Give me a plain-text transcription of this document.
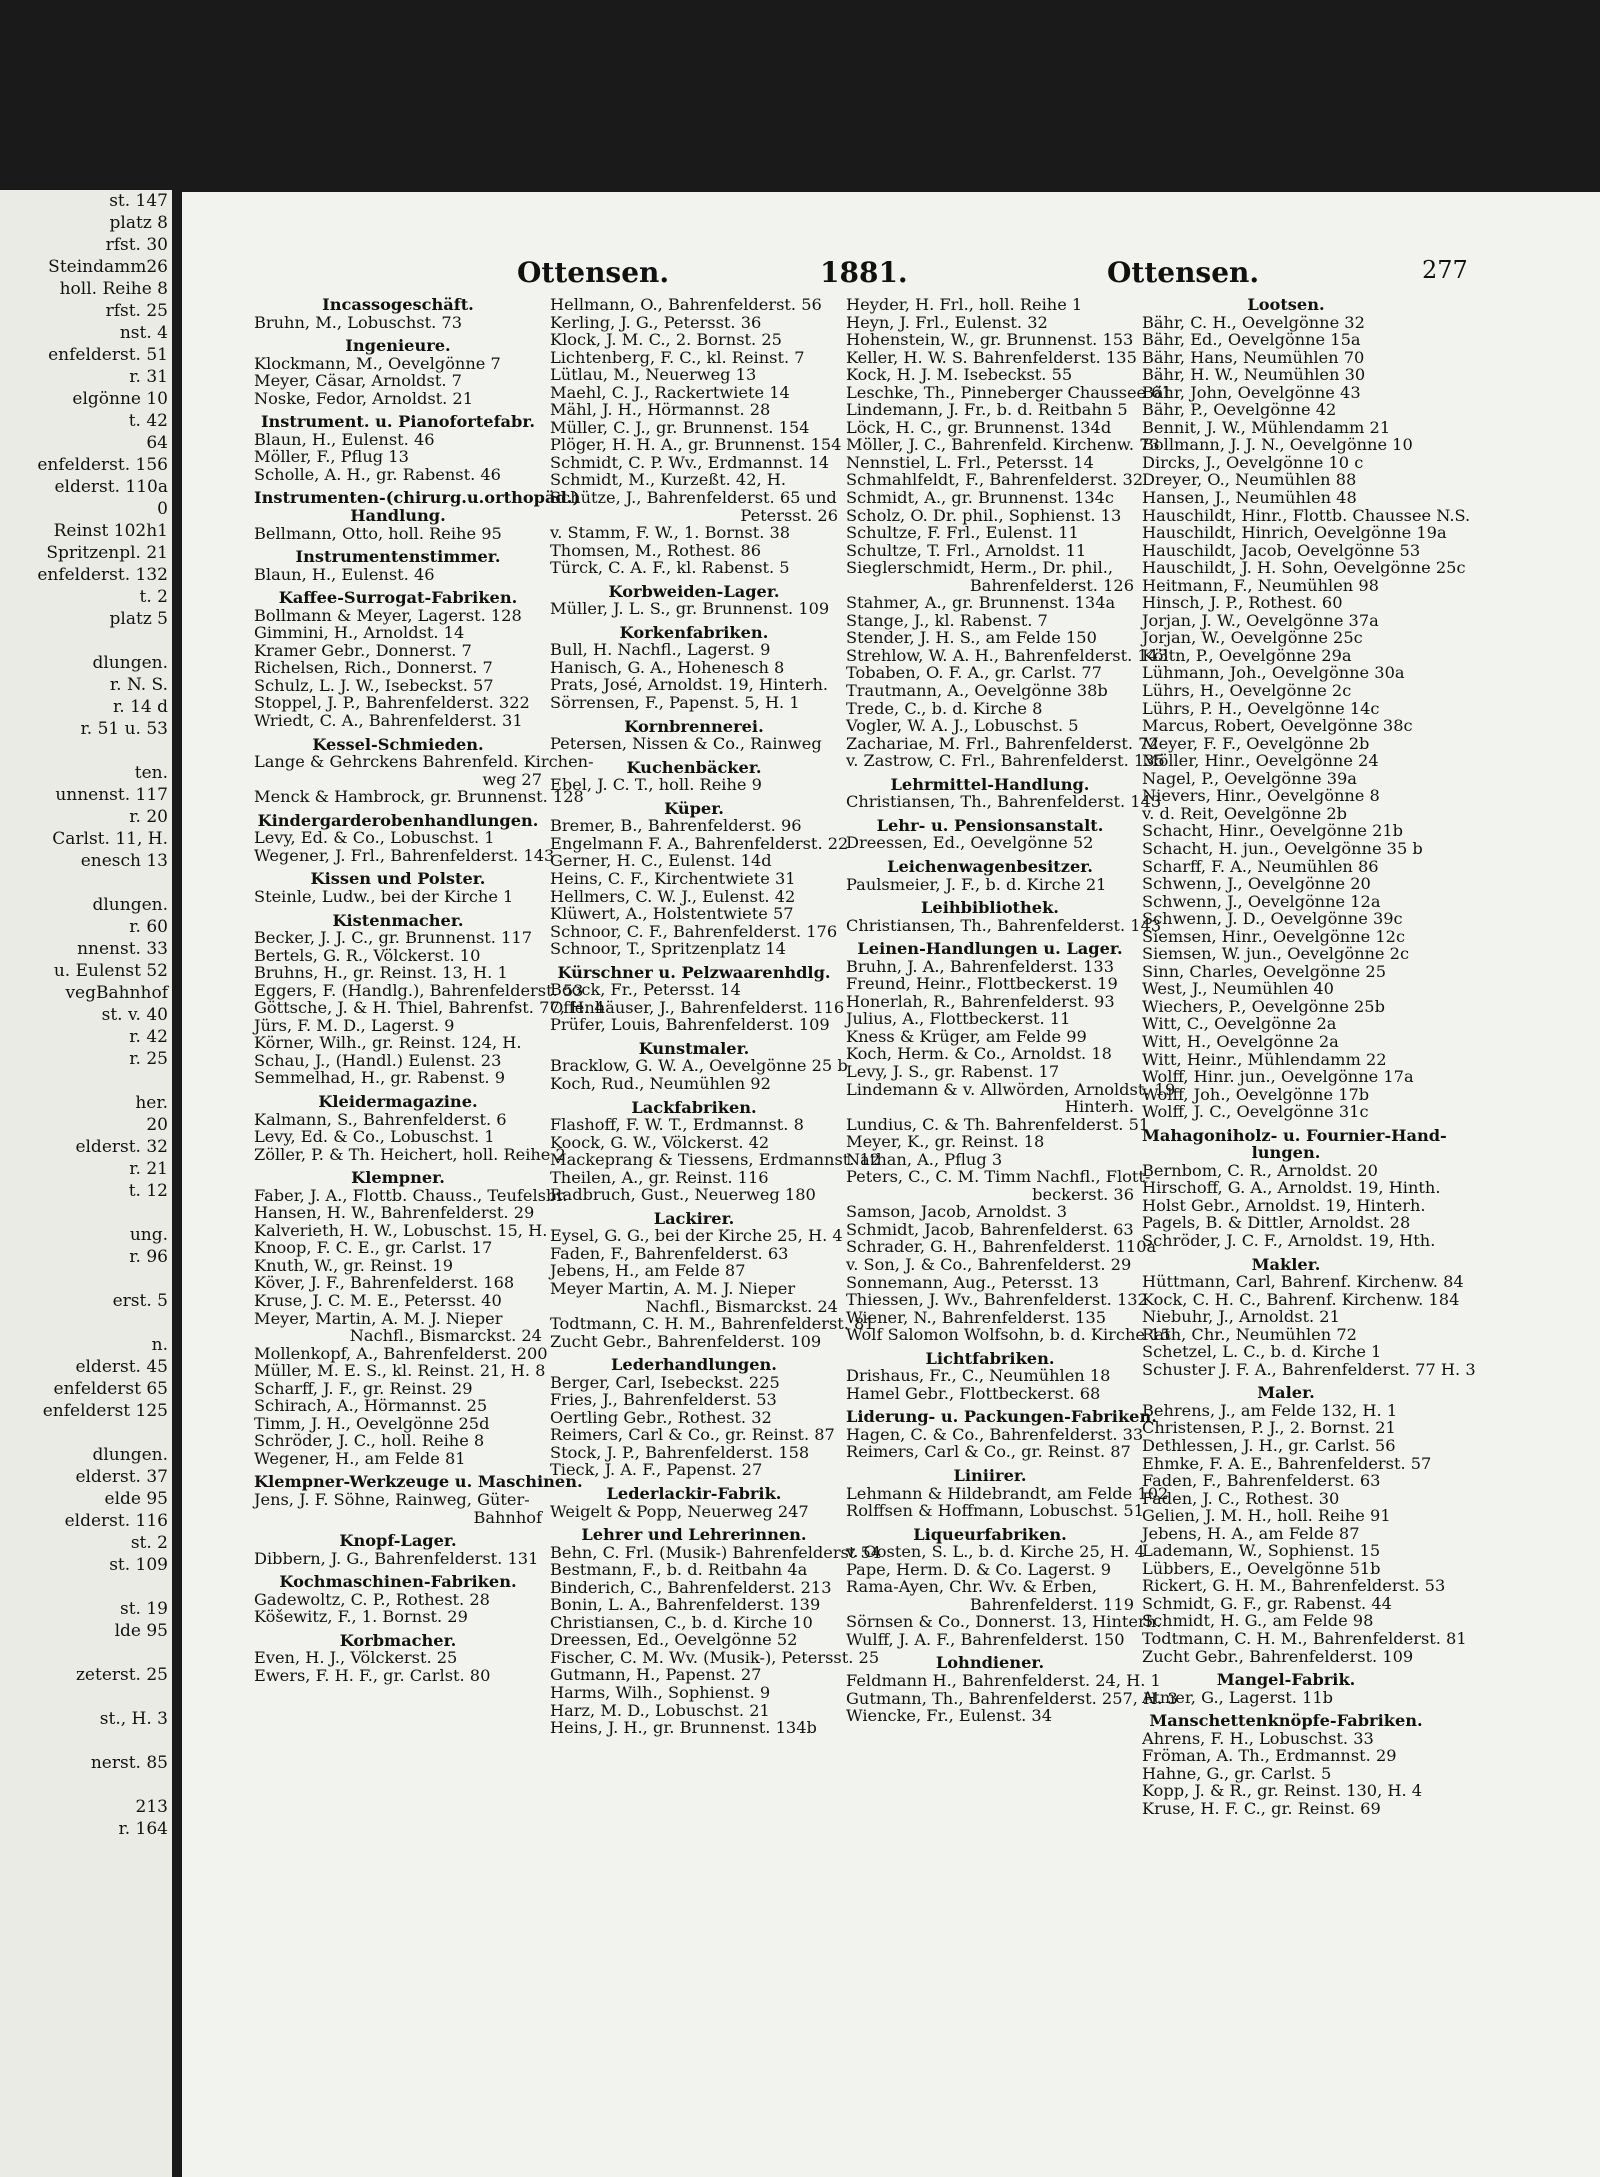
st. 147
platz 8
rfst. 30
Steindamm26
holl. Reihe 8
rfst. 25
nst. 4
enfelderst. 51
r. 31
elgönne 10
t. 42
64
enfelderst. 156
elderst. 110a
0
Reinst 102h1
Spritzenpl. 21
enfelderst. 132
t. 2
platz 5

dlungen.
r. N. S.
r. 14 d
r. 51 u. 53

ten.
unnenst. 117
r. 20
Carlst. 11, H.
enesch 13

dlungen.
r. 60
nnenst. 33
u. Eulenst 52
vegBahnhof
st. v. 40
r. 42
r. 25

her.
20
elderst. 32
r. 21
t. 12

ung.
r. 96

erst. 5

n.
elderst. 45
enfelderst 65
enfelderst 125

dlungen.
elderst. 37
elde 95
elderst. 116
st. 2
st. 109

st. 19
lde 95

zeterst. 25

st., H. 3

nerst. 85

213
r. 164
Ottensen.	1881.	Ottensen.	277
Incassogeschäft.
Bruhn, M., Lobuschst. 73
Ingenieure.
Klockmann, M., Oevelgönne 7
Meyer, Cäsar, Arnoldst. 7
Noske, Fedor, Arnoldst. 21
Instrument. u. Pianofortefabr.
Blaun, H., Eulenst. 46
Möller, F., Pflug 13
Scholle, A. H., gr. Rabenst. 46
Instrumenten-(chirurg.u.orthopäd.)
Handlung.
Bellmann, Otto, holl. Reihe 95
Instrumentenstimmer.
Blaun, H., Eulenst. 46
Kaffee-Surrogat-Fabriken.
Bollmann & Meyer, Lagerst. 128
Gimmini, H., Arnoldst. 14
Kramer Gebr., Donnerst. 7
Richelsen, Rich., Donnerst. 7
Schulz, L. J. W., Isebeckst. 57
Stoppel, J. P., Bahrenfelderst. 322
Wriedt, C. A., Bahrenfelderst. 31
Kessel-Schmieden.
Lange & Gehrckens Bahrenfeld. Kirchen-
weg 27
Menck & Hambrock, gr. Brunnenst. 128
Kindergarderobenhandlungen.
Levy, Ed. & Co., Lobuschst. 1
Wegener, J. Frl., Bahrenfelderst. 143
Kissen und Polster.
Steinle, Ludw., bei der Kirche 1
Kistenmacher.
Becker, J. J. C., gr. Brunnenst. 117
Bertels, G. R., Völckerst. 10
Bruhns, H., gr. Reinst. 13, H. 1
Eggers, F. (Handlg.), Bahrenfelderst. 53
Göttsche, J. & H. Thiel, Bahrenfst. 77, H. 4
Jürs, F. M. D., Lagerst. 9
Körner, Wilh., gr. Reinst. 124, H.
Schau, J., (Handl.) Eulenst. 23
Semmelhad, H., gr. Rabenst. 9
Kleidermagazine.
Kalmann, S., Bahrenfelderst. 6
Levy, Ed. & Co., Lobuschst. 1
Zöller, P. & Th. Heichert, holl. Reihe 2
Klempner.
Faber, J. A., Flottb. Chauss., Teufelsbr.
Hansen, H. W., Bahrenfelderst. 29
Kalverieth, H. W., Lobuschst. 15, H.
Knoop, F. C. E., gr. Carlst. 17
Knuth, W., gr. Reinst. 19
Köver, J. F., Bahrenfelderst. 168
Kruse, J. C. M. E., Petersst. 40
Meyer, Martin, A. M. J. Nieper
Nachfl., Bismarckst. 24
Mollenkopf, A., Bahrenfelderst. 200
Müller, M. E. S., kl. Reinst. 21, H. 8
Scharff, J. F., gr. Reinst. 29
Schirach, A., Hörmannst. 25
Timm, J. H., Oevelgönne 25d
Schröder, J. C., holl. Reihe 8
Wegener, H., am Felde 81
Klempner-Werkzeuge u. Maschinen.
Jens, J. F. Söhne, Rainweg, Güter-
Bahnhof
Knopf-Lager.
Dibbern, J. G., Bahrenfelderst. 131
Kochmaschinen-Fabriken.
Gadewoltz, C. P., Rothest. 28
Köšewitz, F., 1. Bornst. 29
Korbmacher.
Even, H. J., Völckerst. 25
Ewers, F. H. F., gr. Carlst. 80
Hellmann, O., Bahrenfelderst. 56
Kerling, J. G., Petersst. 36
Klock, J. M. C., 2. Bornst. 25
Lichtenberg, F. C., kl. Reinst. 7
Lütlau, M., Neuerweg 13
Maehl, C. J., Rackertwiete 14
Mähl, J. H., Hörmannst. 28
Müller, C. J., gr. Brunnenst. 154
Plöger, H. H. A., gr. Brunnenst. 154
Schmidt, C. P. Wv., Erdmannst. 14
Schmidt, M., Kurzeßt. 42, H.
Schütze, J., Bahrenfelderst. 65 und
Petersst. 26
v. Stamm, F. W., 1. Bornst. 38
Thomsen, M., Rothest. 86
Türck, C. A. F., kl. Rabenst. 5
Korbweiden-Lager.
Müller, J. L. S., gr. Brunnenst. 109
Korkenfabriken.
Bull, H. Nachfl., Lagerst. 9
Hanisch, G. A., Hohenesch 8
Prats, José, Arnoldst. 19, Hinterh.
Sörrensen, F., Papenst. 5, H. 1
Kornbrennerei.
Petersen, Nissen & Co., Rainweg
Kuchenbäcker.
Ebel, J. C. T., holl. Reihe 9
Küper.
Bremer, B., Bahrenfelderst. 96
Engelmann F. A., Bahrenfelderst. 22
Gerner, H. C., Eulenst. 14d
Heins, C. F., Kirchentwiete 31
Hellmers, C. W. J., Eulenst. 42
Klüwert, A., Holstentwiete 57
Schnoor, C. F., Bahrenfelderst. 176
Schnoor, T., Spritzenplatz 14
Kürschner u. Pelzwaarenhdlg.
Boock, Fr., Petersst. 14
Offenhäuser, J., Bahrenfelderst. 116
Prüfer, Louis, Bahrenfelderst. 109
Kunstmaler.
Bracklow, G. W. A., Oevelgönne 25 b
Koch, Rud., Neumühlen 92
Lackfabriken.
Flashoff, F. W. T., Erdmannst. 8
Koock, G. W., Völckerst. 42
Mackeprang & Tiessens, Erdmannst. 12
Theilen, A., gr. Reinst. 116
Radbruch, Gust., Neuerweg 180
Lackirer.
Eysel, G. G., bei der Kirche 25, H. 4
Faden, F., Bahrenfelderst. 63
Jebens, H., am Felde 87
Meyer Martin, A. M. J. Nieper
Nachfl., Bismarckst. 24
Todtmann, C. H. M., Bahrenfelderst. 81
Zucht Gebr., Bahrenfelderst. 109
Lederhandlungen.
Berger, Carl, Isebeckst. 225
Fries, J., Bahrenfelderst. 53
Oertling Gebr., Rothest. 32
Reimers, Carl & Co., gr. Reinst. 87
Stock, J. P., Bahrenfelderst. 158
Tieck, J. A. F., Papenst. 27
Lederlackir-Fabrik.
Weigelt & Popp, Neuerweg 247
Lehrer und Lehrerinnen.
Behn, C. Frl. (Musik-) Bahrenfelderst 54
Bestmann, F., b. d. Reitbahn 4a
Binderich, C., Bahrenfelderst. 213
Bonin, L. A., Bahrenfelderst. 139
Christiansen, C., b. d. Kirche 10
Dreessen, Ed., Oevelgönne 52
Fischer, C. M. Wv. (Musik-), Petersst. 25
Gutmann, H., Papenst. 27
Harms, Wilh., Sophienst. 9
Harz, M. D., Lobuschst. 21
Heins, J. H., gr. Brunnenst. 134b
Heyder, H. Frl., holl. Reihe 1
Heyn, J. Frl., Eulenst. 32
Hohenstein, W., gr. Brunnenst. 153
Keller, H. W. S. Bahrenfelderst. 135
Kock, H. J. M. Isebeckst. 55
Leschke, Th., Pinneberger Chaussee 61
Lindemann, J. Fr., b. d. Reitbahn 5
Löck, H. C., gr. Brunnenst. 134d
Möller, J. C., Bahrenfeld. Kirchenw. 73
Nennstiel, L. Frl., Petersst. 14
Schmahlfeldt, F., Bahrenfelderst. 32
Schmidt, A., gr. Brunnenst. 134c
Scholz, O. Dr. phil., Sophienst. 13
Schultze, F. Frl., Eulenst. 11
Schultze, T. Frl., Arnoldst. 11
Sieglerschmidt, Herm., Dr. phil.,
Bahrenfelderst. 126
Stahmer, A., gr. Brunnenst. 134a
Stange, J., kl. Rabenst. 7
Stender, J. H. S., am Felde 150
Strehlow, W. A. H., Bahrenfelderst. 143
Tobaben, O. F. A., gr. Carlst. 77
Trautmann, A., Oevelgönne 38b
Trede, C., b. d. Kirche 8
Vogler, W. A. J., Lobuschst. 5
Zachariae, M. Frl., Bahrenfelderst. 72
v. Zastrow, C. Frl., Bahrenfelderst. 135
Lehrmittel-Handlung.
Christiansen, Th., Bahrenfelderst. 143
Lehr- u. Pensionsanstalt.
Dreessen, Ed., Oevelgönne 52
Leichenwagenbesitzer.
Paulsmeier, J. F., b. d. Kirche 21
Leihbibliothek.
Christiansen, Th., Bahrenfelderst. 143
Leinen-Handlungen u. Lager.
Bruhn, J. A., Bahrenfelderst. 133
Freund, Heinr., Flottbeckerst. 19
Honerlah, R., Bahrenfelderst. 93
Julius, A., Flottbeckerst. 11
Kness & Krüger, am Felde 99
Koch, Herm. & Co., Arnoldst. 18
Levy, J. S., gr. Rabenst. 17
Lindemann & v. Allwörden, Arnoldst. 19
Hinterh.
Lundius, C. & Th. Bahrenfelderst. 51
Meyer, K., gr. Reinst. 18
Nathan, A., Pflug 3
Peters, C., C. M. Timm Nachfl., Flott-
beckerst. 36
Samson, Jacob, Arnoldst. 3
Schmidt, Jacob, Bahrenfelderst. 63
Schrader, G. H., Bahrenfelderst. 110a
v. Son, J. & Co., Bahrenfelderst. 29
Sonnemann, Aug., Petersst. 13
Thiessen, J. Wv., Bahrenfelderst. 132
Wiener, N., Bahrenfelderst. 135
Wolf Salomon Wolfsohn, b. d. Kirche 15
Lichtfabriken.
Drishaus, Fr., C., Neumühlen 18
Hamel Gebr., Flottbeckerst. 68
Liderung- u. Packungen-Fabriken.
Hagen, C. & Co., Bahrenfelderst. 33
Reimers, Carl & Co., gr. Reinst. 87
Liniirer.
Lehmann & Hildebrandt, am Felde 102
Rolffsen & Hoffmann, Lobuschst. 51
Liqueurfabriken.
v. Oosten, S. L., b. d. Kirche 25, H. 4
Pape, Herm. D. & Co. Lagerst. 9
Rama-Ayen, Chr. Wv. & Erben,
Bahrenfelderst. 119
Sörnsen & Co., Donnerst. 13, Hinterh.
Wulff, J. A. F., Bahrenfelderst. 150
Lohndiener.
Feldmann H., Bahrenfelderst. 24, H. 1
Gutmann, Th., Bahrenfelderst. 257, H. 3
Wiencke, Fr., Eulenst. 34
Lootsen.
Bähr, C. H., Oevelgönne 32
Bähr, Ed., Oevelgönne 15a
Bähr, Hans, Neumühlen 70
Bähr, H. W., Neumühlen 30
Bähr, John, Oevelgönne 43
Bähr, P., Oevelgönne 42
Bennit, J. W., Mühlendamm 21
Bollmann, J. J. N., Oevelgönne 10
Dircks, J., Oevelgönne 10 c
Dreyer, O., Neumühlen 88
Hansen, J., Neumühlen 48
Hauschildt, Hinr., Flottb. Chaussee N.S.
Hauschildt, Hinrich, Oevelgönne 19a
Hauschildt, Jacob, Oevelgönne 53
Hauschildt, J. H. Sohn, Oevelgönne 25c
Heitmann, F., Neumühlen 98
Hinsch, J. P., Rothest. 60
Jorjan, J. W., Oevelgönne 37a
Jorjan, W., Oevelgönne 25c
Költn, P., Oevelgönne 29a
Lühmann, Joh., Oevelgönne 30a
Lührs, H., Oevelgönne 2c
Lührs, P. H., Oevelgönne 14c
Marcus, Robert, Oevelgönne 38c
Meyer, F. F., Oevelgönne 2b
Möller, Hinr., Oevelgönne 24
Nagel, P., Oevelgönne 39a
Nievers, Hinr., Oevelgönne 8
v. d. Reit, Oevelgönne 2b
Schacht, Hinr., Oevelgönne 21b
Schacht, H. jun., Oevelgönne 35 b
Scharff, F. A., Neumühlen 86
Schwenn, J., Oevelgönne 20
Schwenn, J., Oevelgönne 12a
Schwenn, J. D., Oevelgönne 39c
Siemsen, Hinr., Oevelgönne 12c
Siemsen, W. jun., Oevelgönne 2c
Sinn, Charles, Oevelgönne 25
West, J., Neumühlen 40
Wiechers, P., Oevelgönne 25b
Witt, C., Oevelgönne 2a
Witt, H., Oevelgönne 2a
Witt, Heinr., Mühlendamm 22
Wolff, Hinr. jun., Oevelgönne 17a
Wolff, Joh., Oevelgönne 17b
Wolff, J. C., Oevelgönne 31c
Mahagoniholz- u. Fournier-Hand-
lungen.
Bernbom, C. R., Arnoldst. 20
Hirschoff, G. A., Arnoldst. 19, Hinth.
Holst Gebr., Arnoldst. 19, Hinterh.
Pagels, B. & Dittler, Arnoldst. 28
Schröder, J. C. F., Arnoldst. 19, Hth.
Makler.
Hüttmann, Carl, Bahrenf. Kirchenw. 84
Kock, C. H. C., Bahrenf. Kirchenw. 184
Niebuhr, J., Arnoldst. 21
Rath, Chr., Neumühlen 72
Schetzel, L. C., b. d. Kirche 1
Schuster J. F. A., Bahrenfelderst. 77 H. 3
Maler.
Behrens, J., am Felde 132, H. 1
Christensen, P. J., 2. Bornst. 21
Dethlessen, J. H., gr. Carlst. 56
Ehmke, F. A. E., Bahrenfelderst. 57
Faden, F., Bahrenfelderst. 63
Faden, J. C., Rothest. 30
Gelien, J. M. H., holl. Reihe 91
Jebens, H. A., am Felde 87
Lademann, W., Sophienst. 15
Lübbers, E., Oevelgönne 51b
Rickert, G. H. M., Bahrenfelderst. 53
Schmidt, G. F., gr. Rabenst. 44
Schmidt, H. G., am Felde 98
Todtmann, C. H. M., Bahrenfelderst. 81
Zucht Gebr., Bahrenfelderst. 109
Mangel-Fabrik.
Atmer, G., Lagerst. 11b
Manschettenknöpfe-Fabriken.
Ahrens, F. H., Lobuschst. 33
Fröman, A. Th., Erdmannst. 29
Hahne, G., gr. Carlst. 5
Kopp, J. & R., gr. Reinst. 130, H. 4
Kruse, H. F. C., gr. Reinst. 69
